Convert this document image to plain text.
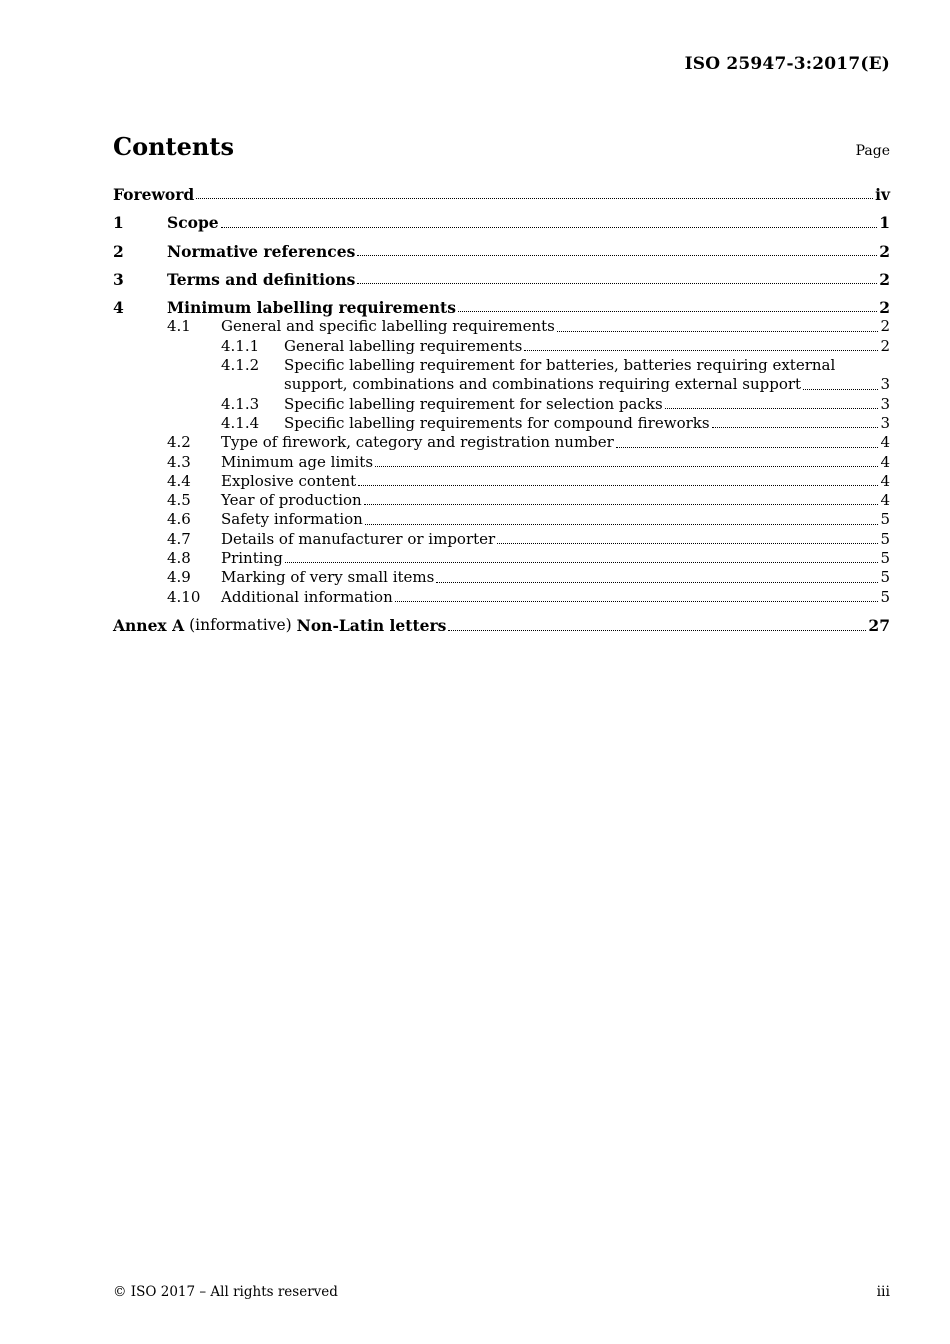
ISO 25947-3:2017(E)
Contents	Page
Foreword	iv
1	Scope	1
2	Normative references	2
3	Terms and definitions	2
4	Minimum labelling requirements	2
4.1	General and specific labelling requirements	2
4.1.1	General labelling requirements	2
4.1.2	Specific labelling requirement for batteries, batteries requiring external
support, combinations and combinations requiring external support	3
4.1.3	Specific labelling requirement for selection packs	3
4.1.4	Specific labelling requirements for compound fireworks	3
4.2	Type of firework, category and registration number	4
4.3	Minimum age limits	4
4.4	Explosive content	4
4.5	Year of production	4
4.6	Safety information	5
4.7	Details of manufacturer or importer	5
4.8	Printing	5
4.9	Marking of very small items	5
4.10	Additional information	5
Annex A (informative) Non-Latin letters	27
© ISO 2017 – All rights reserved	iii
